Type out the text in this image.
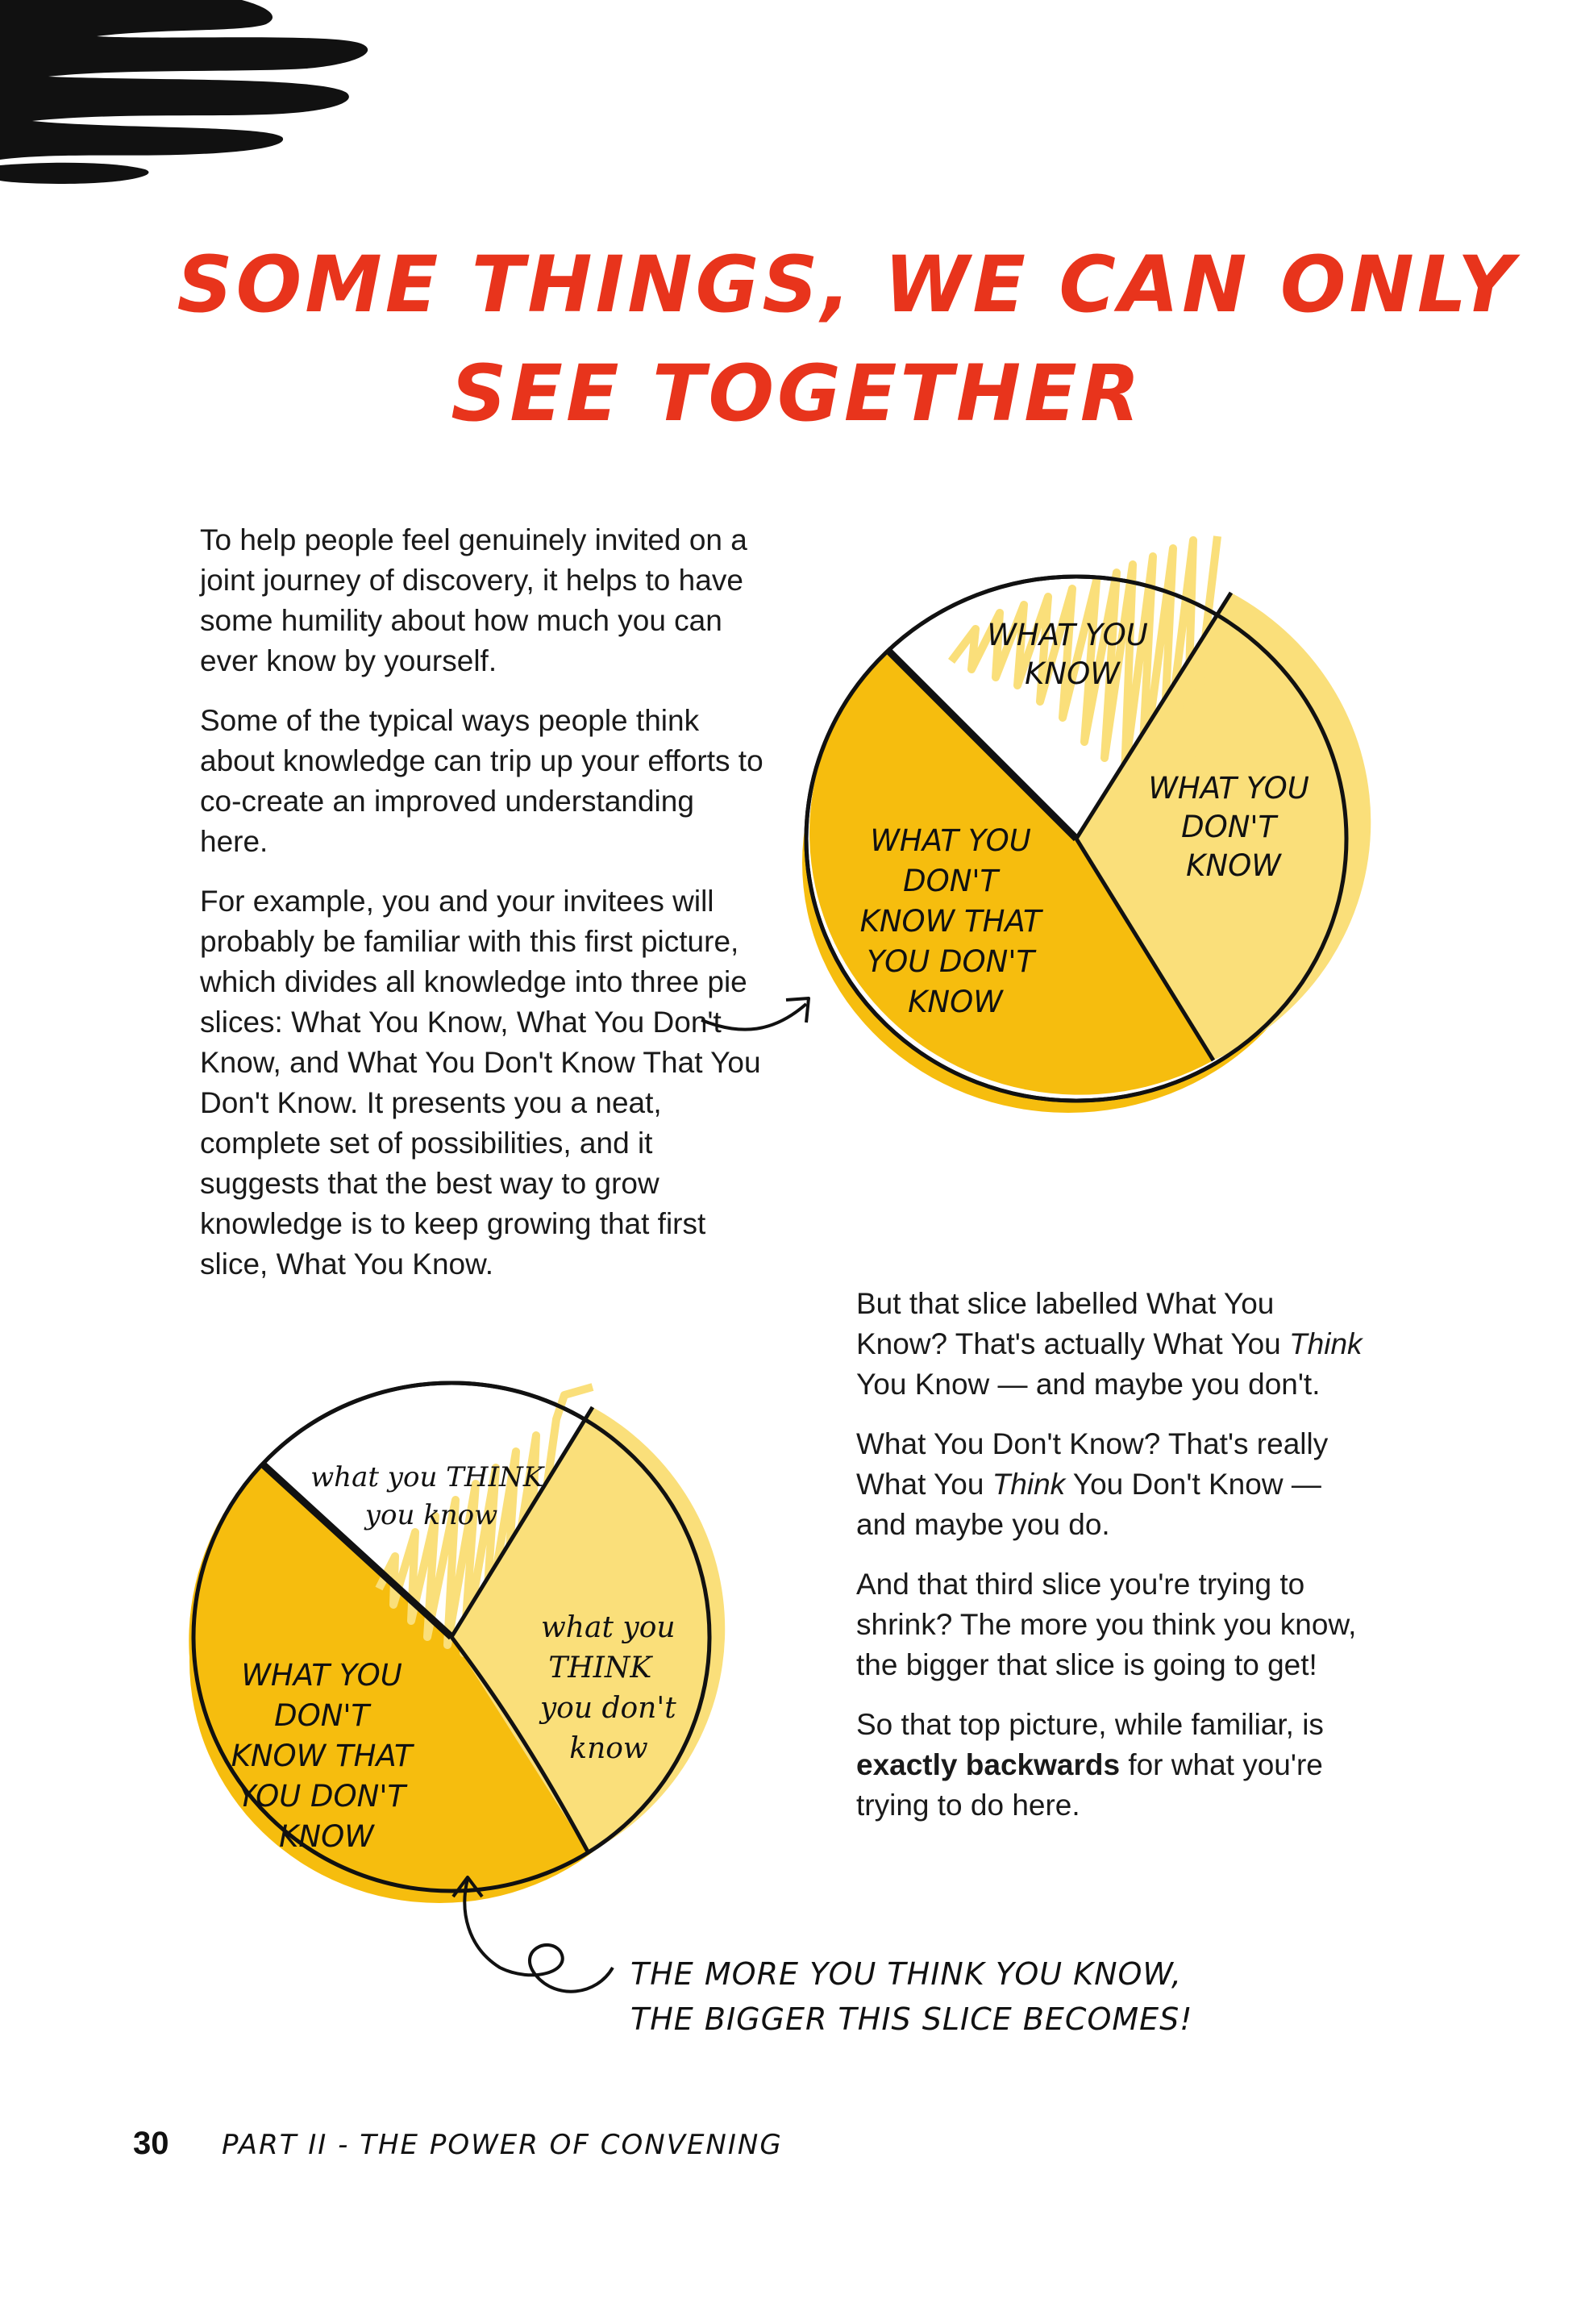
SOME THINGS, WE CAN ONLY
SEE TOGETHER

To help people feel genuinely invited on a joint journey of discovery, it helps to have some humility about how much you can ever know by yourself.

Some of the typical ways people think about knowledge can trip up your efforts to co-create an improved understanding here.

For example, you and your invitees will probably be familiar with this first picture, which divides all knowledge into three pie slices: What You Know, What You Don't Know, and What You Don't Know That You Don't Know. It presents you a neat, complete set of possibilities, and it suggests that the best way to grow knowledge is to keep growing that first slice, What You Know.

But that slice labelled What You Know? That's actually What You Think You Know — and maybe you don't.

What You Don't Know? That's really What You Think You Don't Know — and maybe you do.

And that third slice you're trying to shrink? The more you think you know, the bigger that slice is going to get!

So that top picture, while familiar, is exactly backwards for what you're trying to do here.

WHAT YOU KNOW
WHAT YOU DON'T KNOW
WHAT YOU DON'T KNOW THAT YOU DON'T KNOW
what you THINK you know
what you THINK you don't know
WHAT YOU DON'T KNOW THAT YOU DON'T KNOW
THE MORE YOU THINK YOU KNOW,
THE BIGGER THIS SLICE BECOMES!
30 PART II - THE POWER OF CONVENING
